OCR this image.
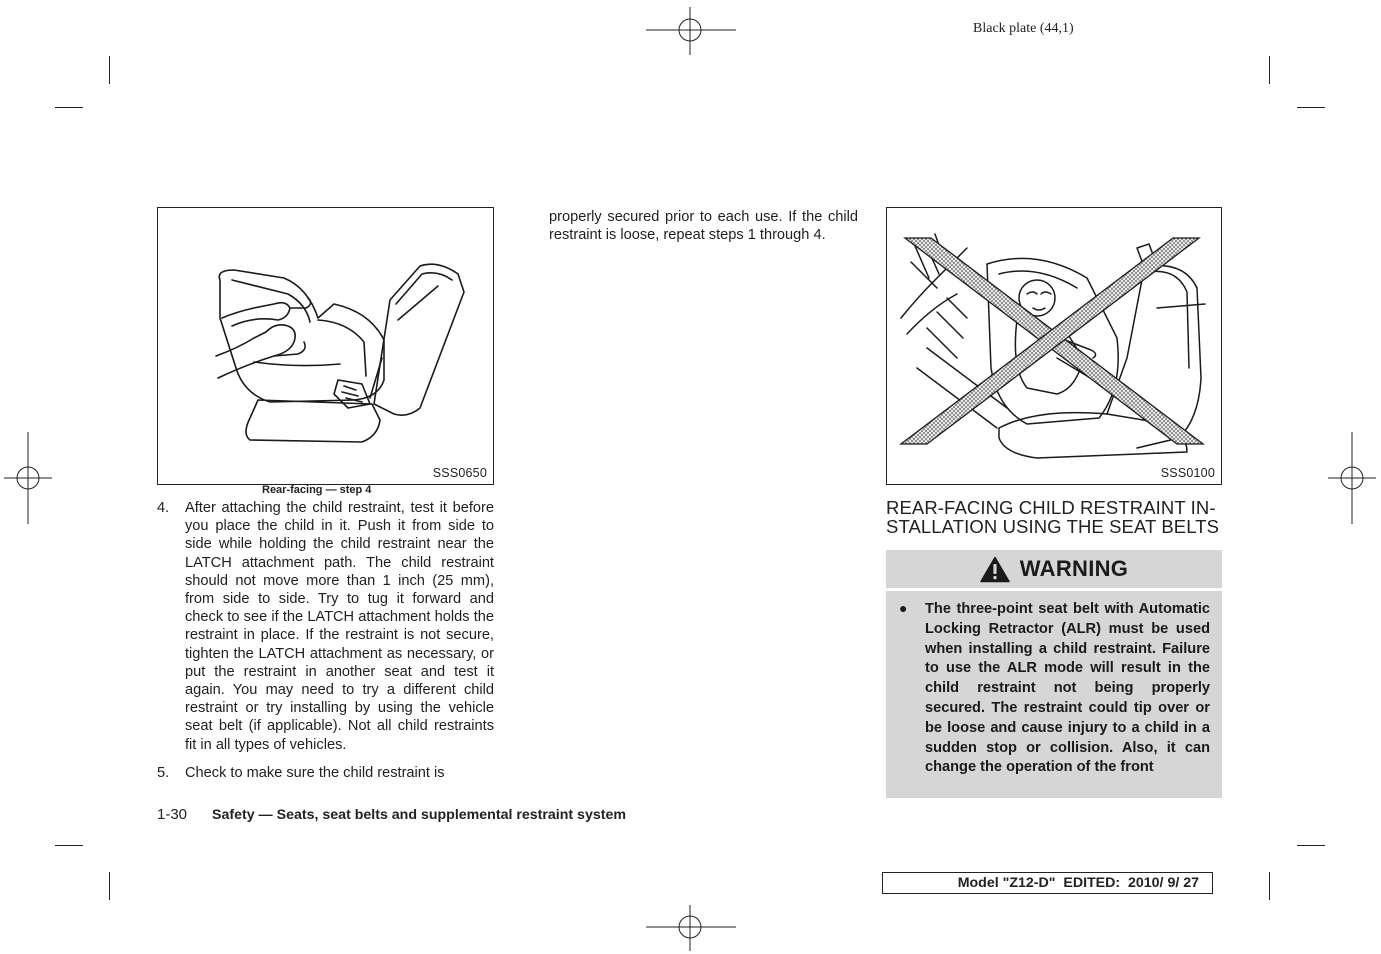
Black plate (44,1)
SSS0650
Rear-facing — step 4
4. After attaching the child restraint, test it before you place the child in it. Push it from side to side while holding the child restraint near the LATCH attachment path. The child restraint should not move more than 1 inch (25 mm), from side to side. Try to tug it forward and check to see if the LATCH attachment holds the restraint in place. If the restraint is not secure, tighten the LATCH attachment as necessary, or put the restraint in another seat and test it again. You may need to try a different child restraint or try installing by using the vehicle seat belt (if applicable). Not all child restraints fit in all types of vehicles.
5. Check to make sure the child restraint is
properly secured prior to each use. If the child restraint is loose, repeat steps 1 through 4.
SSS0100
REAR-FACING CHILD RESTRAINT IN-
STALLATION USING THE SEAT BELTS
WARNING
● The three-point seat belt with Automatic Locking Retractor (ALR) must be used when installing a child restraint. Failure to use the ALR mode will result in the child restraint not being properly secured. The restraint could tip over or be loose and cause injury to a child in a sudden stop or collision. Also, it can change the operation of the front
1-30 Safety — Seats, seat belts and supplemental restraint system
Model "Z12-D"  EDITED:  2010/ 9/ 27
